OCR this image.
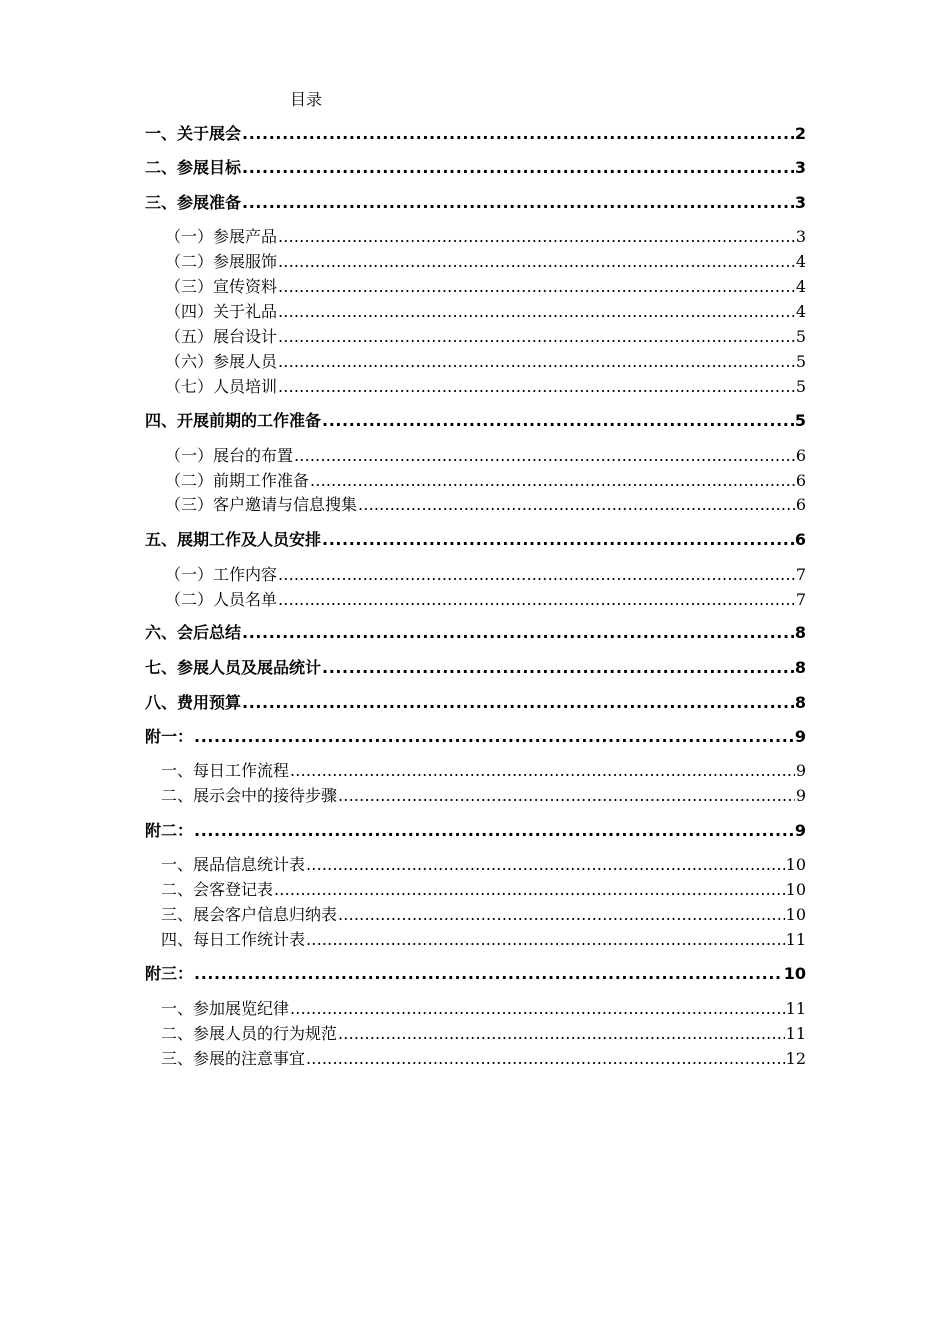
目录
一、关于展会 .....	2
二、参展目标 .....	3
三、参展准备 .....	3
（一）参展产品 .....	3
（二）参展服饰 .....	4
（三）宣传资料 .....	4
（四）关于礼品 .....	4
（五）展台设计 .....	5
（六）参展人员 .....	5
（七）人员培训 .....	5
四、开展前期的工作准备 .....	5
（一）展台的布置 .....	6
（二）前期工作准备 .....	6
（三）客户邀请与信息搜集 .....	6
五、展期工作及人员安排 .....	6
（一）工作内容 .....	7
（二）人员名单 .....	7
六、会后总结 .....	8
七、参展人员及展品统计 .....	8
八、费用预算 .....	8
附一： .....	9
一、每日工作流程 .....	9
二、展示会中的接待步骤 .....	9
附二： .....	9
一、展品信息统计表 .....	10
二、会客登记表 .....	10
三、展会客户信息归纳表 .....	10
四、每日工作统计表 .....	11
附三： .....	10
一、参加展览纪律 .....	11
二、参展人员的行为规范 .....	11
三、参展的注意事宜 .....	12
